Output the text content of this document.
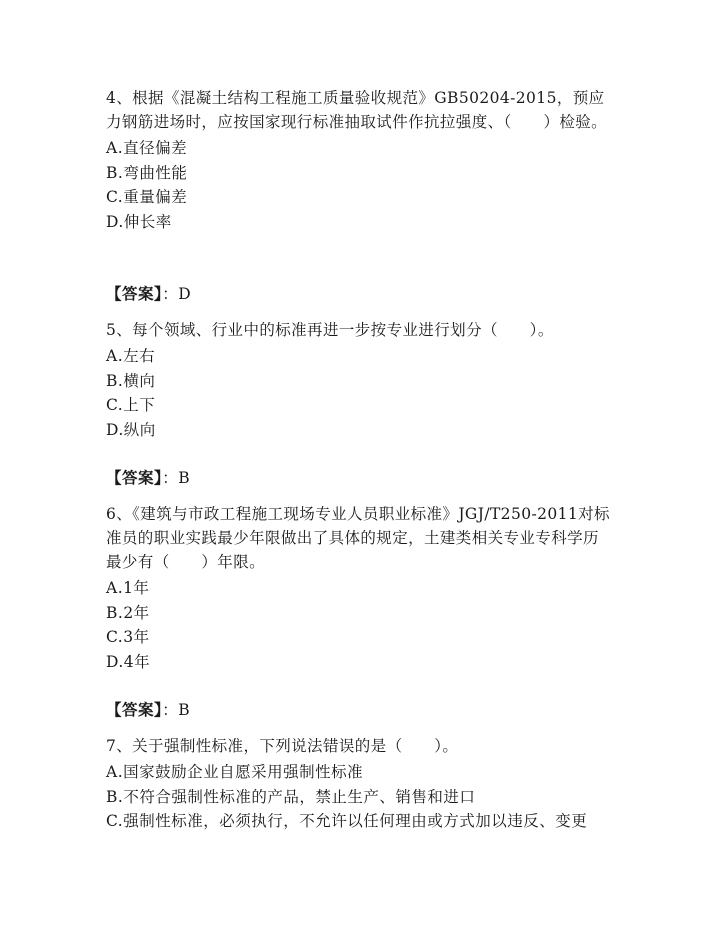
4、根据《混凝土结构工程施工质量验收规范》GB50204-2015，预应力钢筋进场时，应按国家现行标准抽取试件作抗拉强度、（　　）检验。

A.直径偏差
B.弯曲性能
C.重量偏差
D.伸长率
【答案】：D

5、每个领域、行业中的标准再进一步按专业进行划分（　　）。

A.左右
B.横向
C.上下
D.纵向
【答案】：B

6、《建筑与市政工程施工现场专业人员职业标准》JGJ/T250-2011对标准员的职业实践最少年限做出了具体的规定，土建类相关专业专科学历最少有（　　）年限。

A.1年
B.2年
C.3年
D.4年
【答案】：B

7、关于强制性标准，下列说法错误的是（　　）。

A.国家鼓励企业自愿采用强制性标准
B.不符合强制性标准的产品，禁止生产、销售和进口
C.强制性标准，必须执行，不允许以任何理由或方式加以违反、变更
